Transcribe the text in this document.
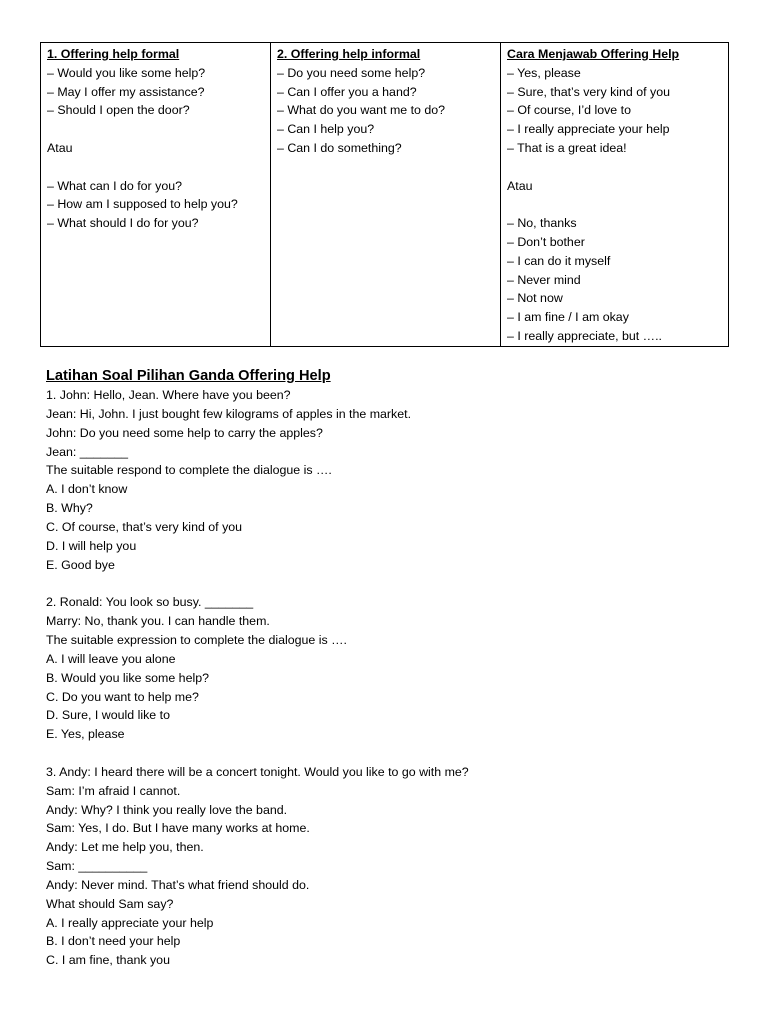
1. Offering help formal
– Would you like some help?
– May I offer my assistance?
– Should I open the door?
Atau
– What can I do for you?
– How am I supposed to help you?
– What should I do for you?

2. Offering help informal
– Do you need some help?
– Can I offer you a hand?
– What do you want me to do?
– Can I help you?
– Can I do something?

Cara Menjawab Offering Help
– Yes, please
– Sure, that’s very kind of you
– Of course, I’d love to
– I really appreciate your help
– That is a great idea!
Atau
– No, thanks
– Don’t bother
– I can do it myself
– Never mind
– Not now
– I am fine / I am okay
– I really appreciate, but …..
Latihan Soal Pilihan Ganda Offering Help
1. John: Hello, Jean. Where have you been?
Jean: Hi, John. I just bought few kilograms of apples in the market.
John: Do you need some help to carry the apples?
Jean: _______
The suitable respond to complete the dialogue is ….
A. I don’t know
B. Why?
C. Of course, that’s very kind of you
D. I will help you
E. Good bye
2. Ronald: You look so busy. _______
Marry: No, thank you. I can handle them.
The suitable expression to complete the dialogue is ….
A. I will leave you alone
B. Would you like some help?
C. Do you want to help me?
D. Sure, I would like to
E. Yes, please
3. Andy: I heard there will be a concert tonight. Would you like to go with me?
Sam: I’m afraid I cannot.
Andy: Why? I think you really love the band.
Sam: Yes, I do. But I have many works at home.
Andy: Let me help you, then.
Sam: __________
Andy: Never mind. That’s what friend should do.
What should Sam say?
A. I really appreciate your help
B. I don’t need your help
C. I am fine, thank you
